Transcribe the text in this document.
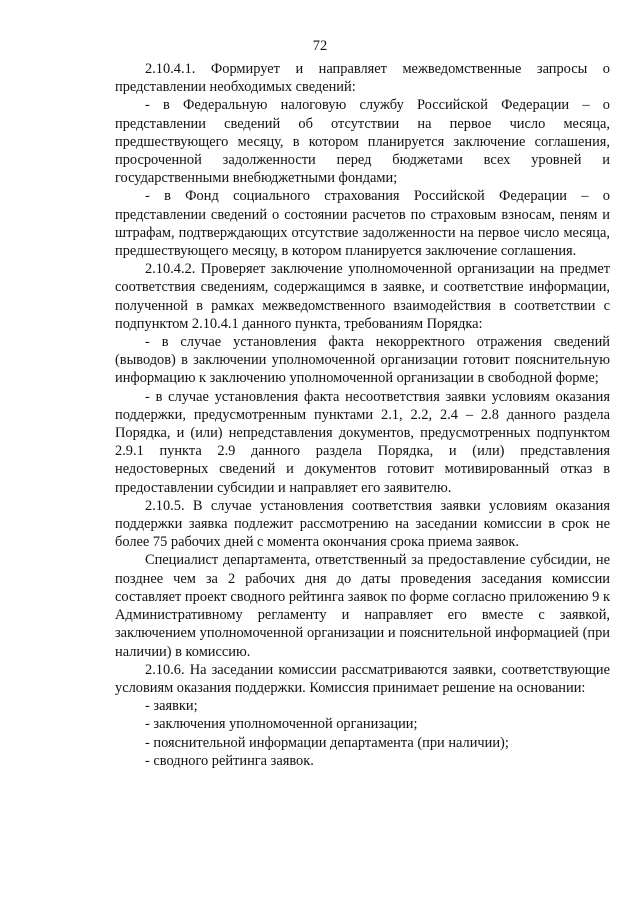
72

2.10.4.1. Формирует и направляет межведомственные запросы о представлении необходимых сведений:

- в Федеральную налоговую службу Российской Федерации – о представлении сведений об отсутствии на первое число месяца, предшествующего месяцу, в котором планируется заключение соглашения, просроченной задолженности перед бюджетами всех уровней и государственными внебюджетными фондами;

- в Фонд социального страхования Российской Федерации – о представлении сведений о состоянии расчетов по страховым взносам, пеням и штрафам, подтверждающих отсутствие задолженности на первое число месяца, предшествующего месяцу, в котором планируется заключение соглашения.

2.10.4.2. Проверяет заключение уполномоченной организации на предмет соответствия сведениям, содержащимся в заявке, и соответствие информации, полученной в рамках межведомственного взаимодействия в соответствии с подпунктом 2.10.4.1 данного пункта, требованиям Порядка:

- в случае установления факта некорректного отражения сведений (выводов) в заключении уполномоченной организации готовит пояснительную информацию к заключению уполномоченной организации в свободной форме;

- в случае установления факта несоответствия заявки условиям оказания поддержки, предусмотренным пунктами 2.1, 2.2, 2.4 – 2.8 данного раздела Порядка, и (или) непредставления документов, предусмотренных подпунктом 2.9.1 пункта 2.9 данного раздела Порядка, и (или) представления недостоверных сведений и документов готовит мотивированный отказ в предоставлении субсидии и направляет его заявителю.

2.10.5. В случае установления соответствия заявки условиям оказания поддержки заявка подлежит рассмотрению на заседании комиссии в срок не более 75 рабочих дней с момента окончания срока приема заявок.

Специалист департамента, ответственный за предоставление субсидии, не позднее чем за 2 рабочих дня до даты проведения заседания комиссии составляет проект сводного рейтинга заявок по форме согласно приложению 9 к Административному регламенту и направляет его вместе с заявкой, заключением уполномоченной организации и пояснительной информацией (при наличии) в комиссию.

2.10.6. На заседании комиссии рассматриваются заявки, соответствующие условиям оказания поддержки. Комиссия принимает решение на основании:

- заявки;

- заключения уполномоченной организации;

- пояснительной информации департамента (при наличии);

- сводного рейтинга заявок.
